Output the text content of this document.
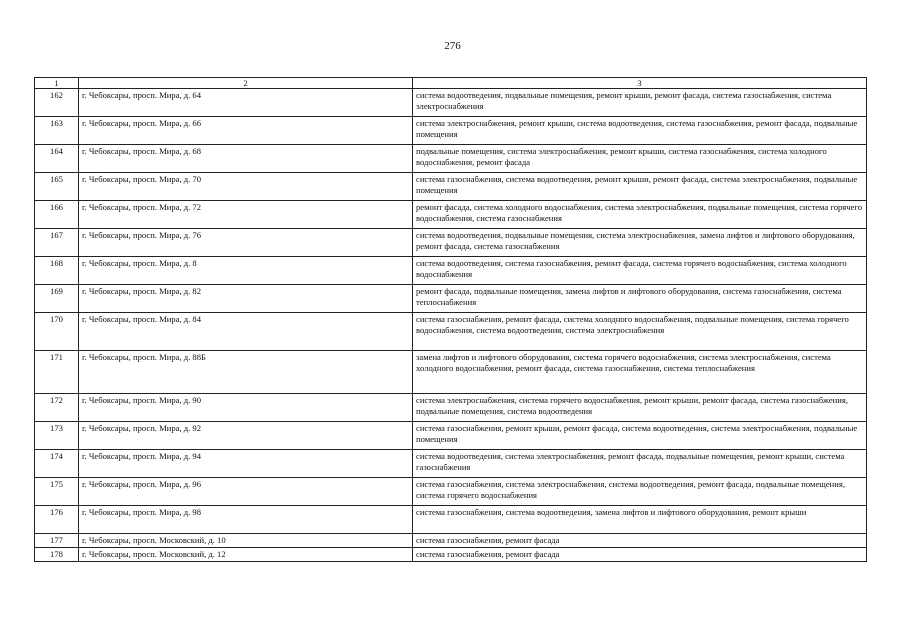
276
1	2	3
162	г. Чебоксары, просп. Мира, д. 64	система водоотведения, подвальные помещения, ремонт крыши, ремонт фасада, система газоснабжения, система электроснабжения
163	г. Чебоксары, просп. Мира, д. 66	система электроснабжения, ремонт крыши, система водоотведения, система газоснабжения, ремонт фасада, подвальные помещения
164	г. Чебоксары, просп. Мира, д. 68	подвальные помещения, система электроснабжения, ремонт крыши, система газоснабжения, система холодного водоснабжения, ремонт фасада
165	г. Чебоксары, просп. Мира, д. 70	система газоснабжения, система водоотведения, ремонт крыши, ремонт фасада, система электроснабжения, подвальные помещения
166	г. Чебоксары, просп. Мира, д. 72	ремонт фасада, система холодного водоснабжения, система электроснабжения, подвальные помещения, система горячего водоснабжения, система газоснабжения
167	г. Чебоксары, просп. Мира, д. 76	система водоотведения, подвальные помещения, система электроснабжения, замена лифтов и лифтового оборудования, ремонт фасада, система газоснабжения
168	г. Чебоксары, просп. Мира, д. 8	система водоотведения, система газоснабжения, ремонт фасада, система горячего водоснабжения, система холодного водоснабжения
169	г. Чебоксары, просп. Мира, д. 82	ремонт фасада, подвальные помещения, замена лифтов и лифтового оборудования, система газоснабжения, система теплоснабжения
170	г. Чебоксары, просп. Мира, д. 84	система газоснабжения, ремонт фасада, система холодного водоснабжения, подвальные помещения, система горячего водоснабжения, система водоотведения, система электроснабжения
171	г. Чебоксары, просп. Мира, д. 88Б	замена лифтов и лифтового оборудования, система горячего водоснабжения, система электроснабжения, система холодного водоснабжения, ремонт фасада, система газоснабжения, система теплоснабжения
172	г. Чебоксары, просп. Мира, д. 90	система электроснабжения, система горячего водоснабжения, ремонт крыши, ремонт фасада, система газоснабжения, подвальные помещения, система водоотведения
173	г. Чебоксары, просп. Мира, д. 92	система газоснабжения, ремонт крыши, ремонт фасада, система водоотведения, система электроснабжения, подвальные помещения
174	г. Чебоксары, просп. Мира, д. 94	система водоотведения, система электроснабжения, ремонт фасада, подвальные помещения, ремонт крыши, система газоснабжения
175	г. Чебоксары, просп. Мира, д. 96	система газоснабжения, система электроснабжения, система водоотведения, ремонт фасада, подвальные помещения, система горячего водоснабжения
176	г. Чебоксары, просп. Мира, д. 98	система газоснабжения, система водоотведения, замена лифтов и лифтового оборудования, ремонт крыши
177	г. Чебоксары, просп. Московский, д. 10	система газоснабжения, ремонт фасада
178	г. Чебоксары, просп. Московский, д. 12	система газоснабжения, ремонт фасада
